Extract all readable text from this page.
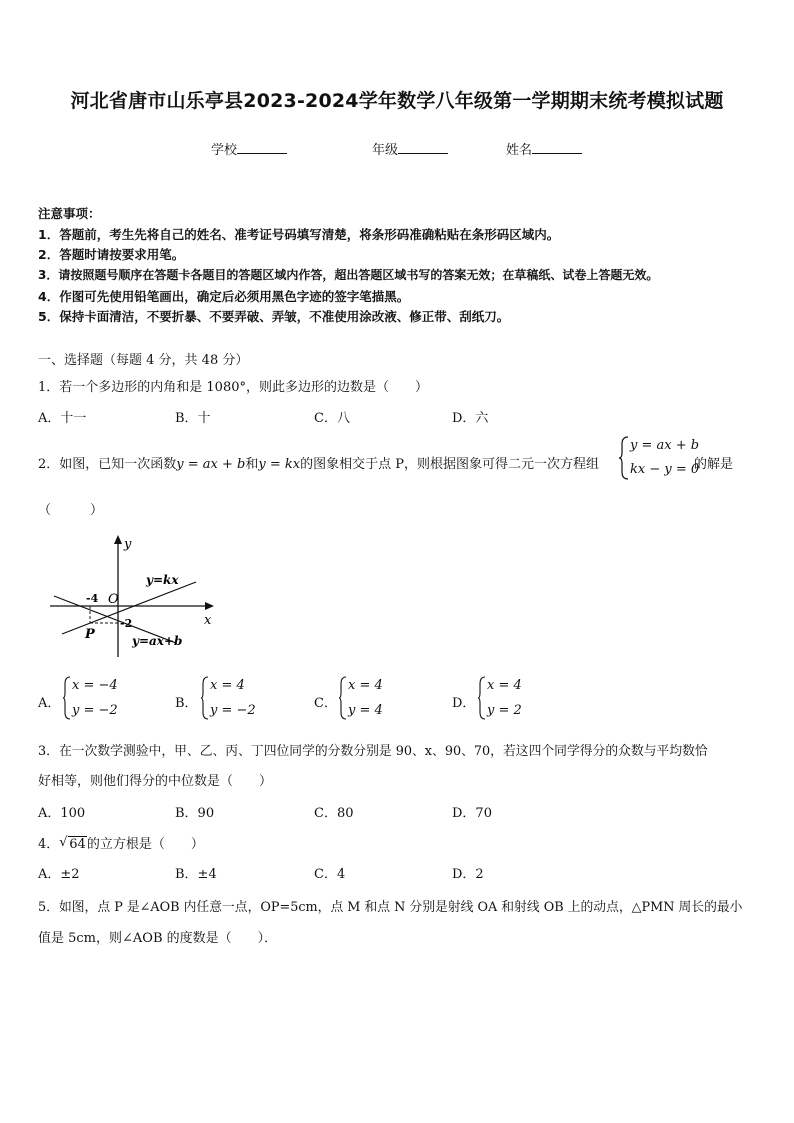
河北省唐市山乐亭县2023-2024学年数学八年级第一学期期末统考模拟试题
学校	年级	姓名
注意事项：
1．答题前，考生先将自己的姓名、准考证号码填写清楚，将条形码准确粘贴在条形码区域内。
2．答题时请按要求用笔。
3．请按照题号顺序在答题卡各题目的答题区域内作答，超出答题区域书写的答案无效；在草稿纸、试卷上答题无效。
4．作图可先使用铅笔画出，确定后必须用黑色字迹的签字笔描黑。
5．保持卡面清洁，不要折暴、不要弄破、弄皱，不准使用涂改液、修正带、刮纸刀。
一、选择题（每题 4 分，共 48 分）
1．若一个多边形的内角和是 1080°，则此多边形的边数是（　　）
A．十一	B．十	C．八	D．六
2．如图，已知一次函数y = ax + b和y = kx的图象相交于点 P，则根据图象可得二元一次方程组
y = ax + b
kx − y = 0
的解是
（　　　）
y
x
O
y=kx
y=ax+b
P
-4
-2
A．
x = −4
y = −2	B．
x = 4
y = −2	C．
x = 4
y = 4	D．
x = 4
y = 2
3．在一次数学测验中，甲、乙、丙、丁四位同学的分数分别是 90、x、90、70，若这四个同学得分的众数与平均数恰
好相等，则他们得分的中位数是（　　）
A．100	B．90	C．80	D．70
4． √ 64的立方根是（　　）
A．±2	B．±4	C．4	D．2
5．如图，点 P 是∠AOB 内任意一点，OP=5cm，点 M 和点 N 分别是射线 OA 和射线 OB 上的动点，△PMN 周长的最小
值是 5cm，则∠AOB 的度数是（　　）．
